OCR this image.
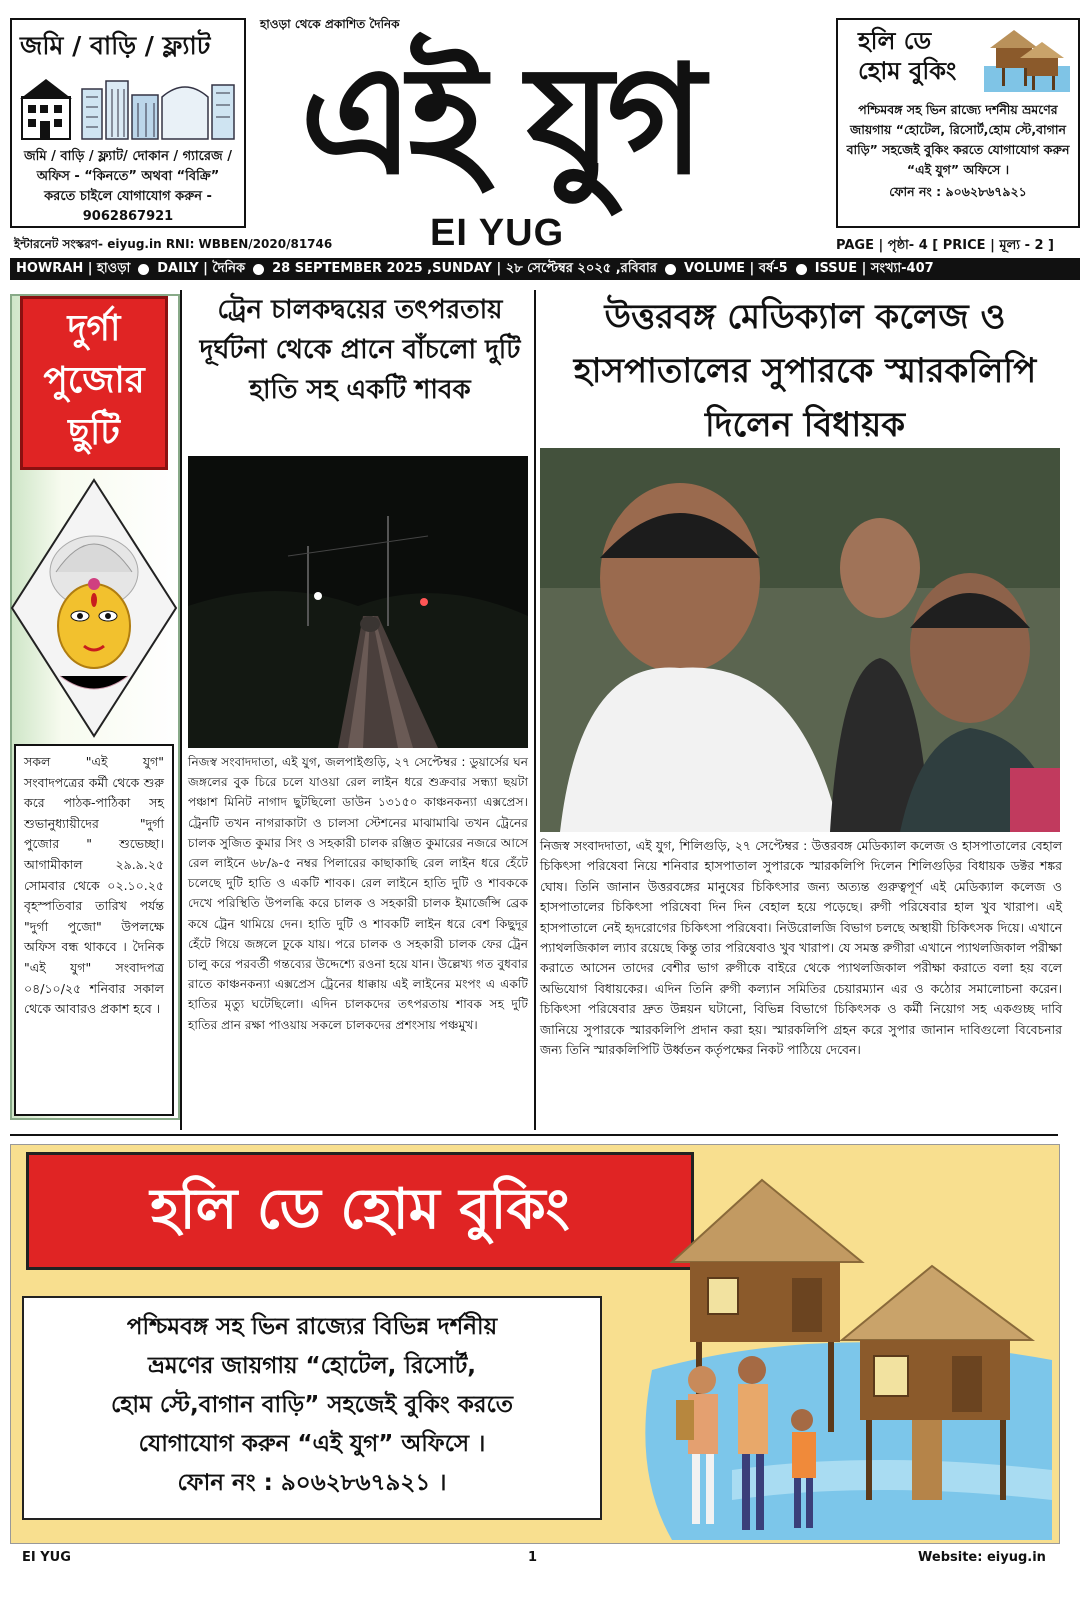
জমি / বাড়ি / ফ্ল্যাট
জমি / বাড়ি / ফ্ল্যাট/ দোকান / গ্যারেজ / অফিস - “কিনতে” অথবা “বিক্রি” করতে চাইলে যোগাযোগ করুন - 9062867921
হাওড়া থেকে প্রকাশিত দৈনিক
এই যুগ
EI YUG
হলি ডে
হোম বুকিং
পশ্চিমবঙ্গ সহ ভিন রাজ্যে দর্শনীয় ভ্রমণের জায়গায় “হোটেল, রিসোর্ট,হোম স্টে,বাগান বাড়ি” সহজেই বুকিং করতে যোগাযোগ করুন “এই যুগ” অফিসে ।
ফোন নং : ৯০৬২৮৬৭৯২১
ইন্টারনেট সংস্করণ- eiyug.in RNI: WBBEN/2020/81746	PAGE | পৃষ্ঠা- 4 [ PRICE | মূল্য - 2 ]
HOWRAH | হাওড়া DAILY | দৈনিক 28 SEPTEMBER 2025 ,SUNDAY | ২৮ সেপ্টেম্বর ২০২৫ ,রবিবার VOLUME | বর্ষ-5 ISSUE | সংখ্যা-407
দুর্গা পুজোর ছুটি
সকল "এই যুগ" সংবাদপত্রের কর্মী থেকে শুরু করে পাঠক-পাঠিকা সহ শুভানুধ্যায়ীদের "দুর্গা পুজোর " শুভেচ্ছা। আগামীকাল ২৯.৯.২৫ সোমবার থেকে ০২.১০.২৫ বৃহস্পতিবার তারিখ পর্যন্ত "দুর্গা পুজো" উপলক্ষে অফিস বন্ধ থাকবে । দৈনিক "এই যুগ" সংবাদপত্র ০৪/১০/২৫ শনিবার সকাল থেকে আবারও প্রকাশ হবে ।
ট্রেন চালকদ্বয়ের তৎপরতায় দূর্ঘটনা থেকে প্রানে বাঁচলো দুটি হাতি সহ একটি শাবক
নিজস্ব সংবাদদাতা, এই যুগ, জলপাইগুড়ি, ২৭ সেপ্টেম্বর : ডুয়ার্সের ঘন জঙ্গলের বুক চিরে চলে যাওয়া রেল লাইন ধরে শুক্রবার সন্ধ্যা ছয়টা পঞ্চাশ মিনিট নাগাদ ছুটছিলো ডাউন ১৩১৫০ কাঞ্চনকন্যা এক্সপ্রেস। ট্রেনটি তখন নাগরাকাটা ও চালসা স্টেশনের মাঝামাঝি তখন ট্রেনের চালক সুজিত কুমার সিং ও সহকারী চালক রঞ্জিত কুমারের নজরে আসে রেল লাইনে ৬৮/৯-৫ নম্বর পিলারের কাছাকাছি রেল লাইন ধরে হেঁটে চলেছে দুটি হাতি ও একটি শাবক। রেল লাইনে হাতি দুটি ও শাবককে দেখে পরিস্থিতি উপলব্ধি করে চালক ও সহকারী চালক ইমার্জেন্সি ব্রেক কষে ট্রেন থামিয়ে দেন। হাতি দুটি ও শাবকটি লাইন ধরে বেশ কিছুদূর হেঁটে গিয়ে জঙ্গলে ঢুকে যায়। পরে চালক ও সহকারী চালক ফের ট্রেন চালু করে পরবর্তী গন্তব্যের উদ্দেশ্যে রওনা হয়ে যান। উল্লেখ্য গত বুধবার রাতে কাঞ্চনকন্যা এক্সপ্রেস ট্রেনের ধাক্কায় এই লাইনের মংপং এ একটি হাতির মৃত্যু ঘটেছিলো। এদিন চালকদের তৎপরতায় শাবক সহ দুটি হাতির প্রান রক্ষা পাওয়ায় সকলে চালকদের প্রশংসায় পঞ্চমুখ।
উত্তরবঙ্গ মেডিক্যাল কলেজ ও হাসপাতালের সুপারকে স্মারকলিপি দিলেন বিধায়ক
নিজস্ব সংবাদদাতা, এই যুগ, শিলিগুড়ি, ২৭ সেপ্টেম্বর : উত্তরবঙ্গ মেডিক্যাল কলেজ ও হাসপাতালের বেহাল চিকিৎসা পরিষেবা নিয়ে শনিবার হাসপাতাল সুপারকে স্মারকলিপি দিলেন শিলিগুড়ির বিধায়ক ডক্টর শঙ্কর ঘোষ। তিনি জানান উত্তরবঙ্গের মানুষের চিকিৎসার জন্য অত্যন্ত গুরুত্বপূর্ণ এই মেডিক্যাল কলেজ ও হাসপাতালের চিকিৎসা পরিষেবা দিন দিন বেহাল হয়ে পড়েছে। রুগী পরিষেবার হাল খুব খারাপ। এই হাসপাতালে নেই হৃদরোগের চিকিৎসা পরিষেবা। নিউরোলজি বিভাগ চলছে অস্থায়ী চিকিৎসক দিয়ে। এখানে প্যাথলজিকাল ল্যাব রয়েছে কিন্তু তার পরিষেবাও খুব খারাপ। যে সমস্ত রুগীরা এখানে প্যাথলজিকাল পরীক্ষা করাতে আসেন তাদের বেশীর ভাগ রুগীকে বাইরে থেকে প্যাথলজিকাল পরীক্ষা করাতে বলা হয় বলে অভিযোগ বিধায়কের। এদিন তিনি রুগী কল্যান সমিতির চেয়ারম্যান এর ও কঠোর সমালোচনা করেন। চিকিৎসা পরিষেবার দ্রুত উন্নয়ন ঘটানো, বিভিন্ন বিভাগে চিকিৎসক ও কর্মী নিয়োগ সহ একগুচ্ছ দাবি জানিয়ে সুপারকে স্মারকলিপি প্রদান করা হয়। স্মারকলিপি গ্রহন করে সুপার জানান দাবিগুলো বিবেচনার জন্য তিনি স্মারকলিপিটি উর্ধ্বতন কর্তৃপক্ষের নিকট পাঠিয়ে দেবেন।
হলি ডে হোম বুকিং
পশ্চিমবঙ্গ সহ ভিন রাজ্যের বিভিন্ন দর্শনীয়
ভ্রমণের জায়গায় “হোটেল, রিসোর্ট,
হোম স্টে,বাগান বাড়ি” সহজেই বুকিং করতে
যোগাযোগ করুন “এই যুগ” অফিসে ।
ফোন নং : ৯০৬২৮৬৭৯২১ ।
EI YUG	1	Website: eiyug.in
